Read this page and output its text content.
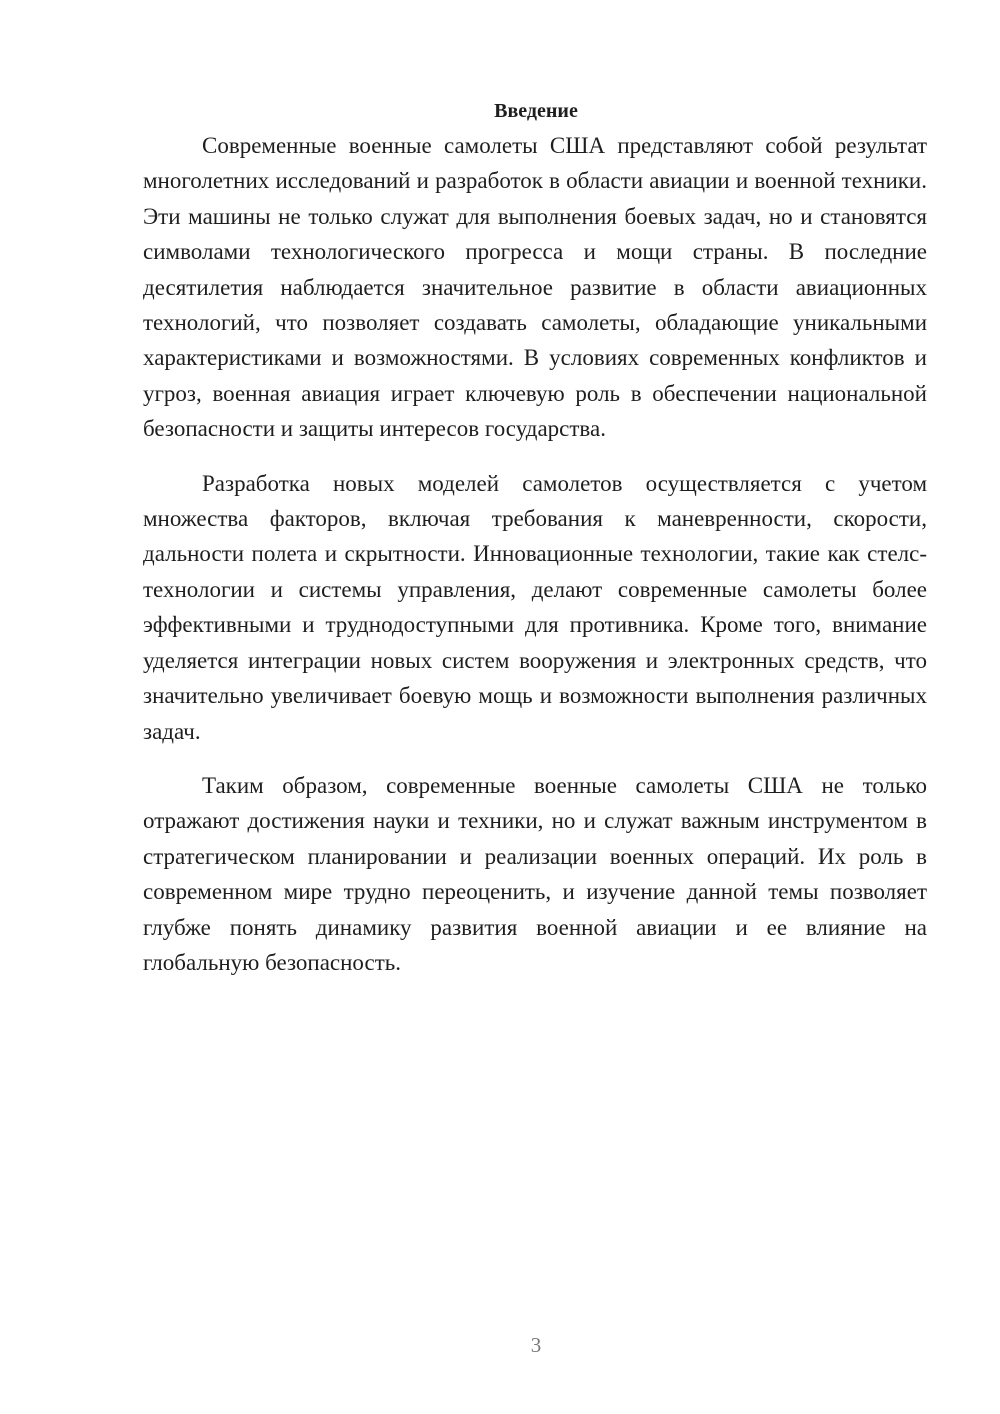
Введение

Современные военные самолеты США представляют собой результат многолетних исследований и разработок в области авиации и военной техники. Эти машины не только служат для выполнения боевых задач, но и становятся символами технологического прогресса и мощи страны. В последние десятилетия наблюдается значительное развитие в области авиационных технологий, что позволяет создавать самолеты, обладающие уникальными характеристиками и возможностями. В условиях современных конфликтов и угроз, военная авиация играет ключевую роль в обеспечении национальной безопасности и защиты интересов государства.

Разработка новых моделей самолетов осуществляется с учетом множества факторов, включая требования к маневренности, скорости, дальности полета и скрытности. Инновационные технологии, такие как стелс-технологии и системы управления, делают современные самолеты более эффективными и труднодоступными для противника. Кроме того, внимание уделяется интеграции новых систем вооружения и электронных средств, что значительно увеличивает боевую мощь и возможности выполнения различных задач.

Таким образом, современные военные самолеты США не только отражают достижения науки и техники, но и служат важным инструментом в стратегическом планировании и реализации военных операций. Их роль в современном мире трудно переоценить, и изучение данной темы позволяет глубже понять динамику развития военной авиации и ее влияние на глобальную безопасность.

3
